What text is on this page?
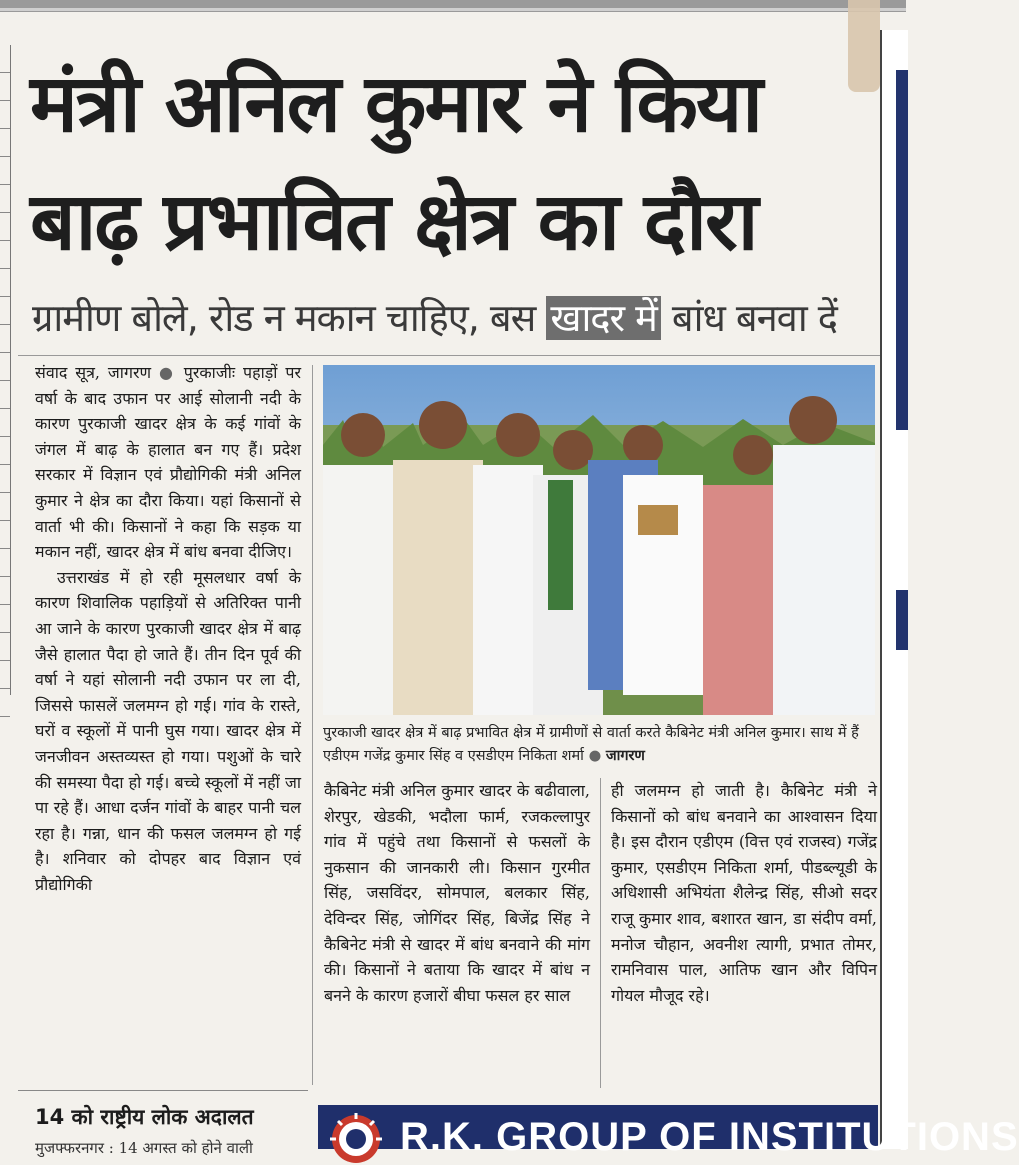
मंत्री अनिल कुमार ने किया
बाढ़ प्रभावित क्षेत्र का दौरा
ग्रामीण बोले, रोड न मकान चाहिए, बस खादर में बांध बनवा दें

संवाद सूत्र, जागरण ● पुरकाजीः पहाड़ों पर वर्षा के बाद उफान पर आई सोलानी नदी के कारण पुरकाजी खादर क्षेत्र के कई गांवों के जंगल में बाढ़ के हालात बन गए हैं। प्रदेश सरकार में विज्ञान एवं प्रौद्योगिकी मंत्री अनिल कुमार ने क्षेत्र का दौरा किया। यहां किसानों से वार्ता भी की। किसानों ने कहा कि सड़क या मकान नहीं, खादर क्षेत्र में बांध बनवा दीजिए।

उत्तराखंड में हो रही मूसलधार वर्षा के कारण शिवालिक पहाड़ियों से अतिरिक्त पानी आ जाने के कारण पुरकाजी खादर क्षेत्र में बाढ़ जैसे हालात पैदा हो जाते हैं। तीन दिन पूर्व की वर्षा ने यहां सोलानी नदी उफान पर ला दी, जिससे फासलें जलमग्न हो गई। गांव के रास्ते, घरों व स्कूलों में पानी घुस गया। खादर क्षेत्र में जनजीवन अस्तव्यस्त हो गया। पशुओं के चारे की समस्या पैदा हो गई। बच्चे स्कूलों में नहीं जा पा रहे हैं। आधा दर्जन गांवों के बाहर पानी चल रहा है। गन्ना, धान की फसल जलमग्न हो गई है। शनिवार को दोपहर बाद विज्ञान एवं प्रौद्योगिकी

पुरकाजी खादर क्षेत्र में बाढ़ प्रभावित क्षेत्र में ग्रामीणों से वार्ता करते कैबिनेट मंत्री अनिल कुमार। साथ में हैं एडीएम गजेंद्र कुमार सिंह व एसडीएम निकिता शर्मा ● जागरण
कैबिनेट मंत्री अनिल कुमार खादर के बढीवाला, शेरपुर, खेडकी, भदौला फार्म, रजकल्लापुर गांव में पहुंचे तथा किसानों से फसलों के नुकसान की जानकारी ली। किसान गुरमीत सिंह, जसविंदर, सोमपाल, बलकार सिंह, देविन्दर सिंह, जोगिंदर सिंह, बिजेंद्र सिंह ने कैबिनेट मंत्री से खादर में बांध बनवाने की मांग की। किसानों ने बताया कि खादर में बांध न बनने के कारण हजारों बीघा फसल हर साल
ही जलमग्न हो जाती है। कैबिनेट मंत्री ने किसानों को बांध बनवाने का आश्वासन दिया है। इस दौरान एडीएम (वित्त एवं राजस्व) गजेंद्र कुमार, एसडीएम निकिता शर्मा, पीडब्ल्यूडी के अधिशासी अभियंता शैलेन्द्र सिंह, सीओ सदर राजू कुमार शाव, बशारत खान, डा संदीप वर्मा, मनोज चौहान, अवनीश त्यागी, प्रभात तोमर, रामनिवास पाल, आतिफ खान और विपिन गोयल मौजूद रहे।
14 को राष्ट्रीय लोक अदालत
मुजफ्फरनगर : 14 अगस्त को होने वाली	R.K. GROUP OF INSTITUTIONS
